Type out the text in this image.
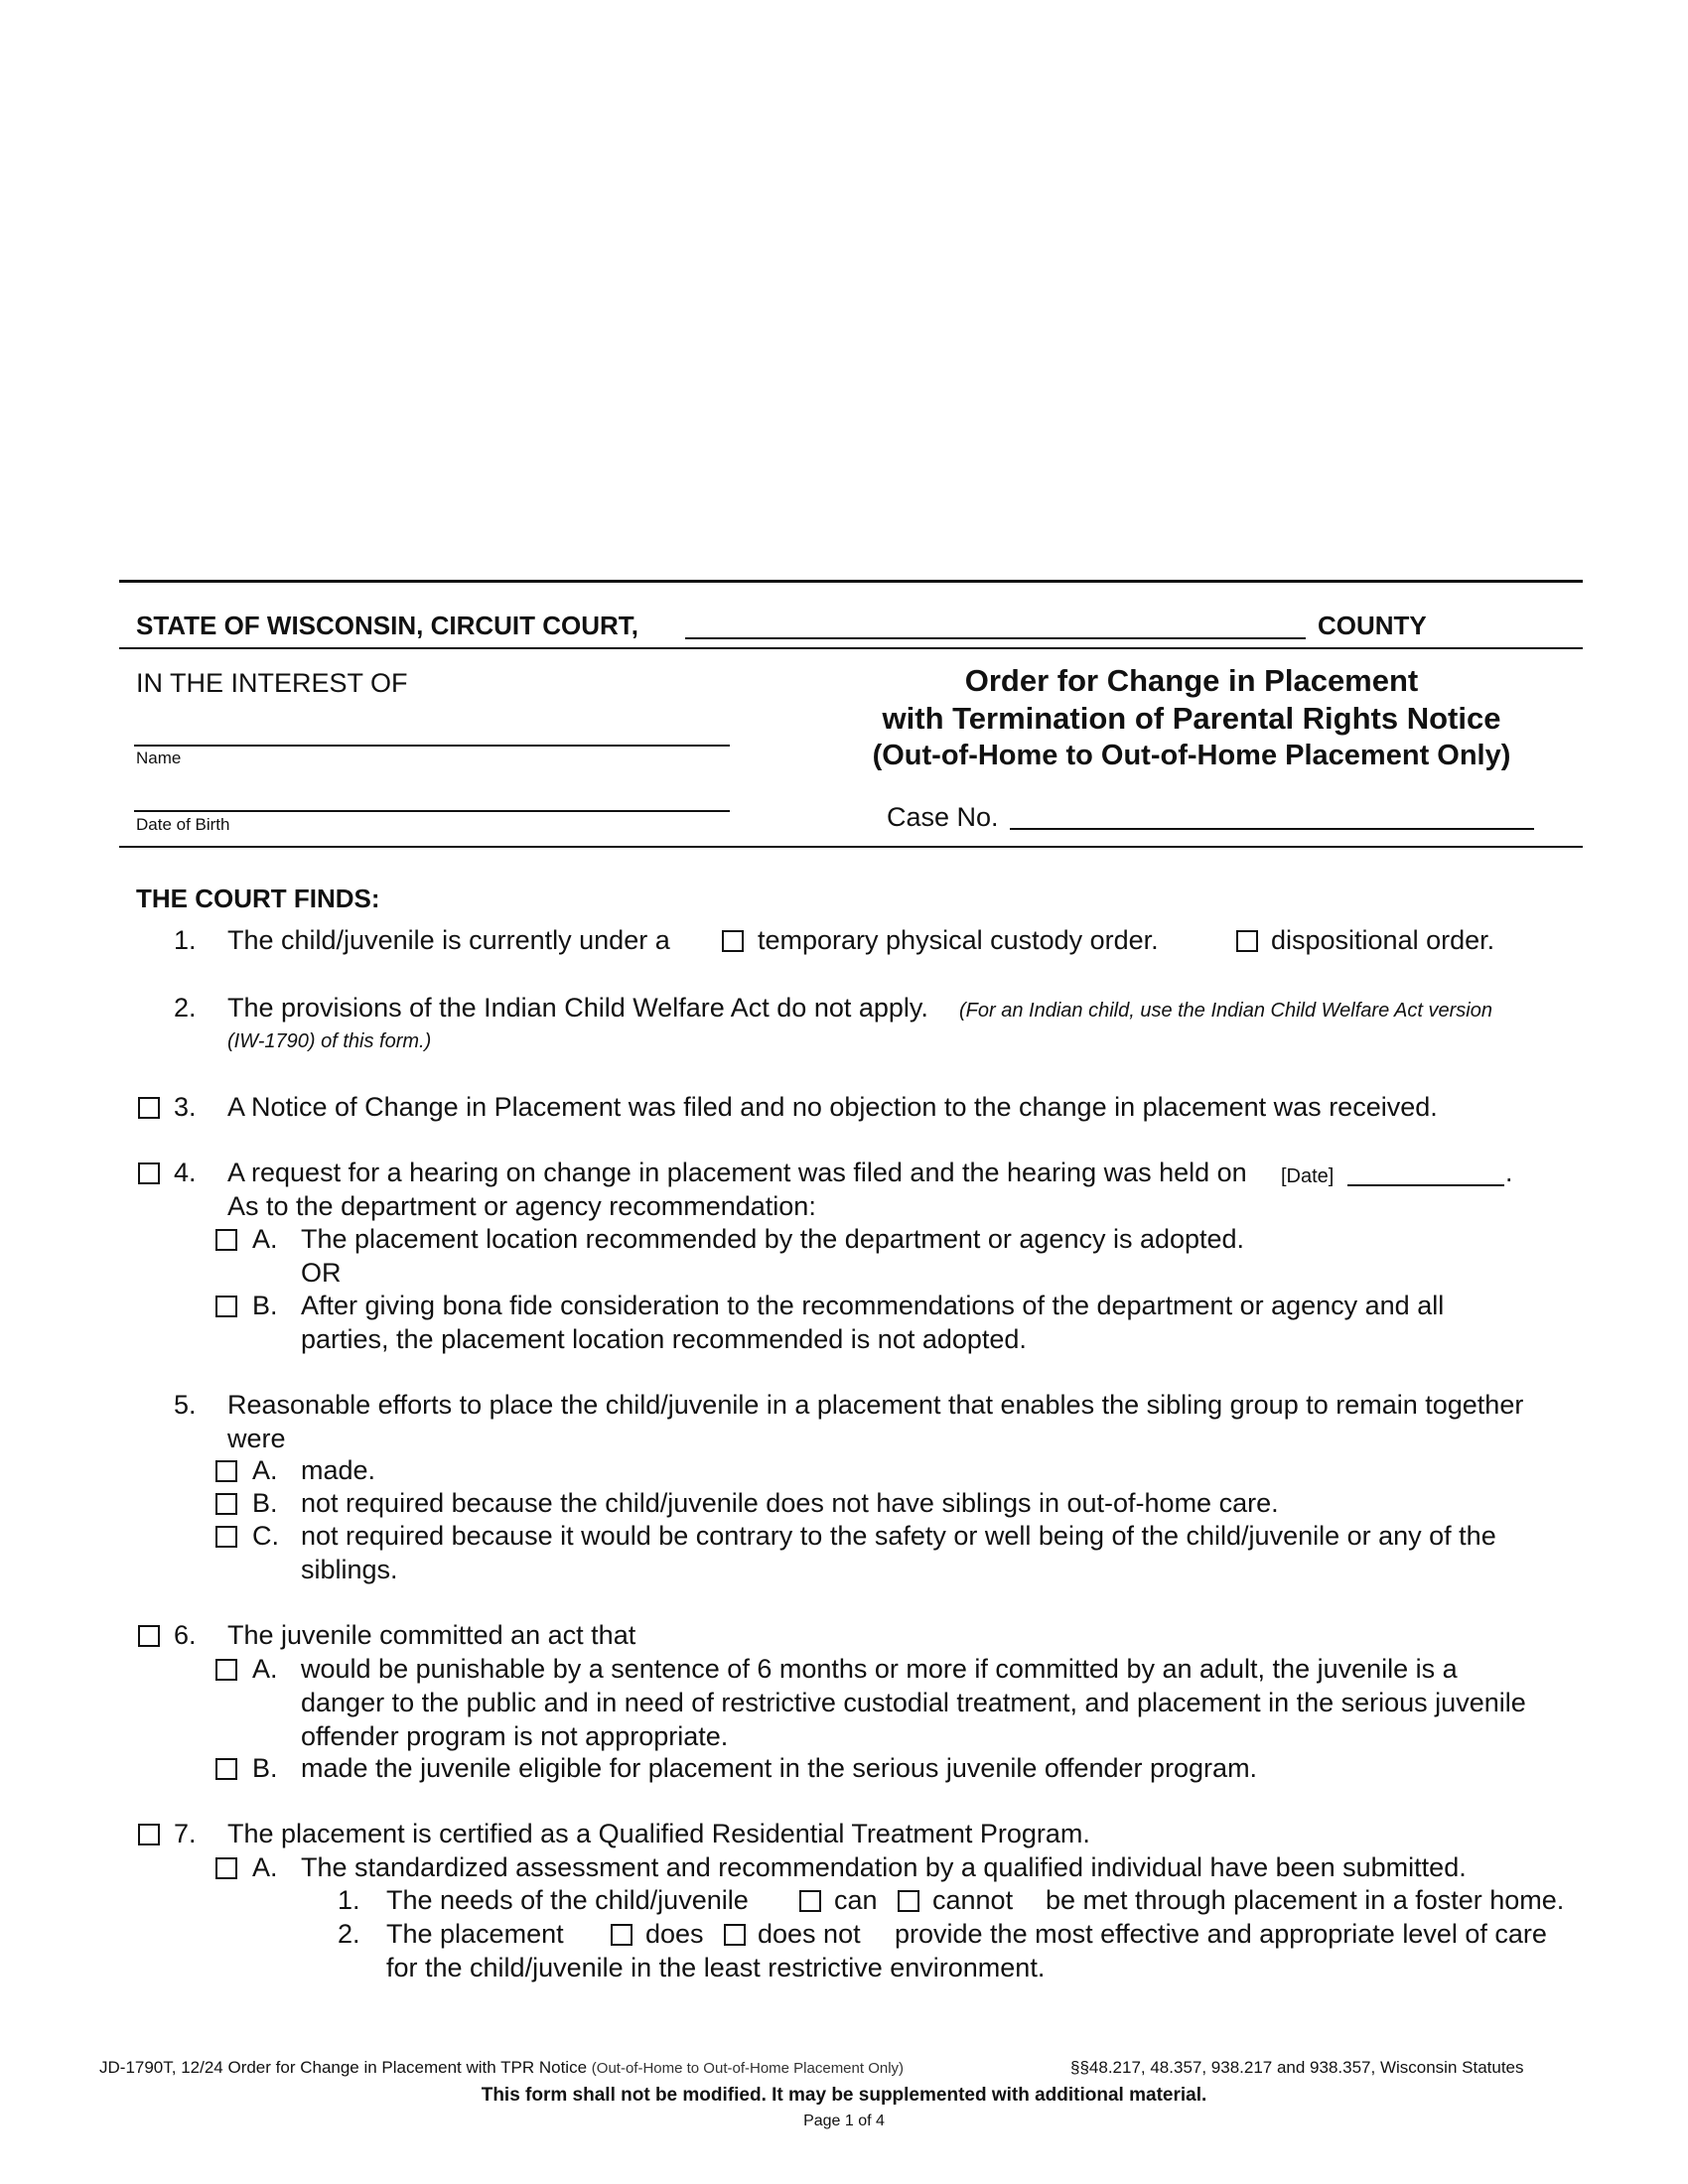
STATE OF WISCONSIN, CIRCUIT COURT,	COUNTY
IN THE INTEREST OF
Name
Date of Birth
Order for Change in Placement
with Termination of Parental Rights Notice
(Out-of-Home to Out-of-Home Placement Only)
Case No.
THE COURT FINDS:
1. The child/juvenile is currently under a	temporary physical custody order.	dispositional order.
2. The provisions of the Indian Child Welfare Act do not apply. (For an Indian child, use the Indian Child Welfare Act version
(IW-1790) of this form.)
3. A Notice of Change in Placement was filed and no objection to the change in placement was received.
4. A request for a hearing on change in placement was filed and the hearing was held on [Date]	.
As to the department or agency recommendation:
A. The placement location recommended by the department or agency is adopted.
OR
B. After giving bona fide consideration to the recommendations of the department or agency and all
parties, the placement location recommended is not adopted.
5. Reasonable efforts to place the child/juvenile in a placement that enables the sibling group to remain together
were
A. made.
B. not required because the child/juvenile does not have siblings in out-of-home care.
C. not required because it would be contrary to the safety or well being of the child/juvenile or any of the
siblings.
6. The juvenile committed an act that
A. would be punishable by a sentence of 6 months or more if committed by an adult, the juvenile is a
danger to the public and in need of restrictive custodial treatment, and placement in the serious juvenile
offender program is not appropriate.
B. made the juvenile eligible for placement in the serious juvenile offender program.
7. The placement is certified as a Qualified Residential Treatment Program.
A. The standardized assessment and recommendation by a qualified individual have been submitted.
1. The needs of the child/juvenile	can cannot be met through placement in a foster home.
2. The placement	does does not provide the most effective and appropriate level of care
for the child/juvenile in the least restrictive environment.
JD-1790T, 12/24 Order for Change in Placement with TPR Notice (Out-of-Home to Out-of-Home Placement Only)	§§48.217, 48.357, 938.217 and 938.357, Wisconsin Statutes
This form shall not be modified. It may be supplemented with additional material.
Page 1 of 4
